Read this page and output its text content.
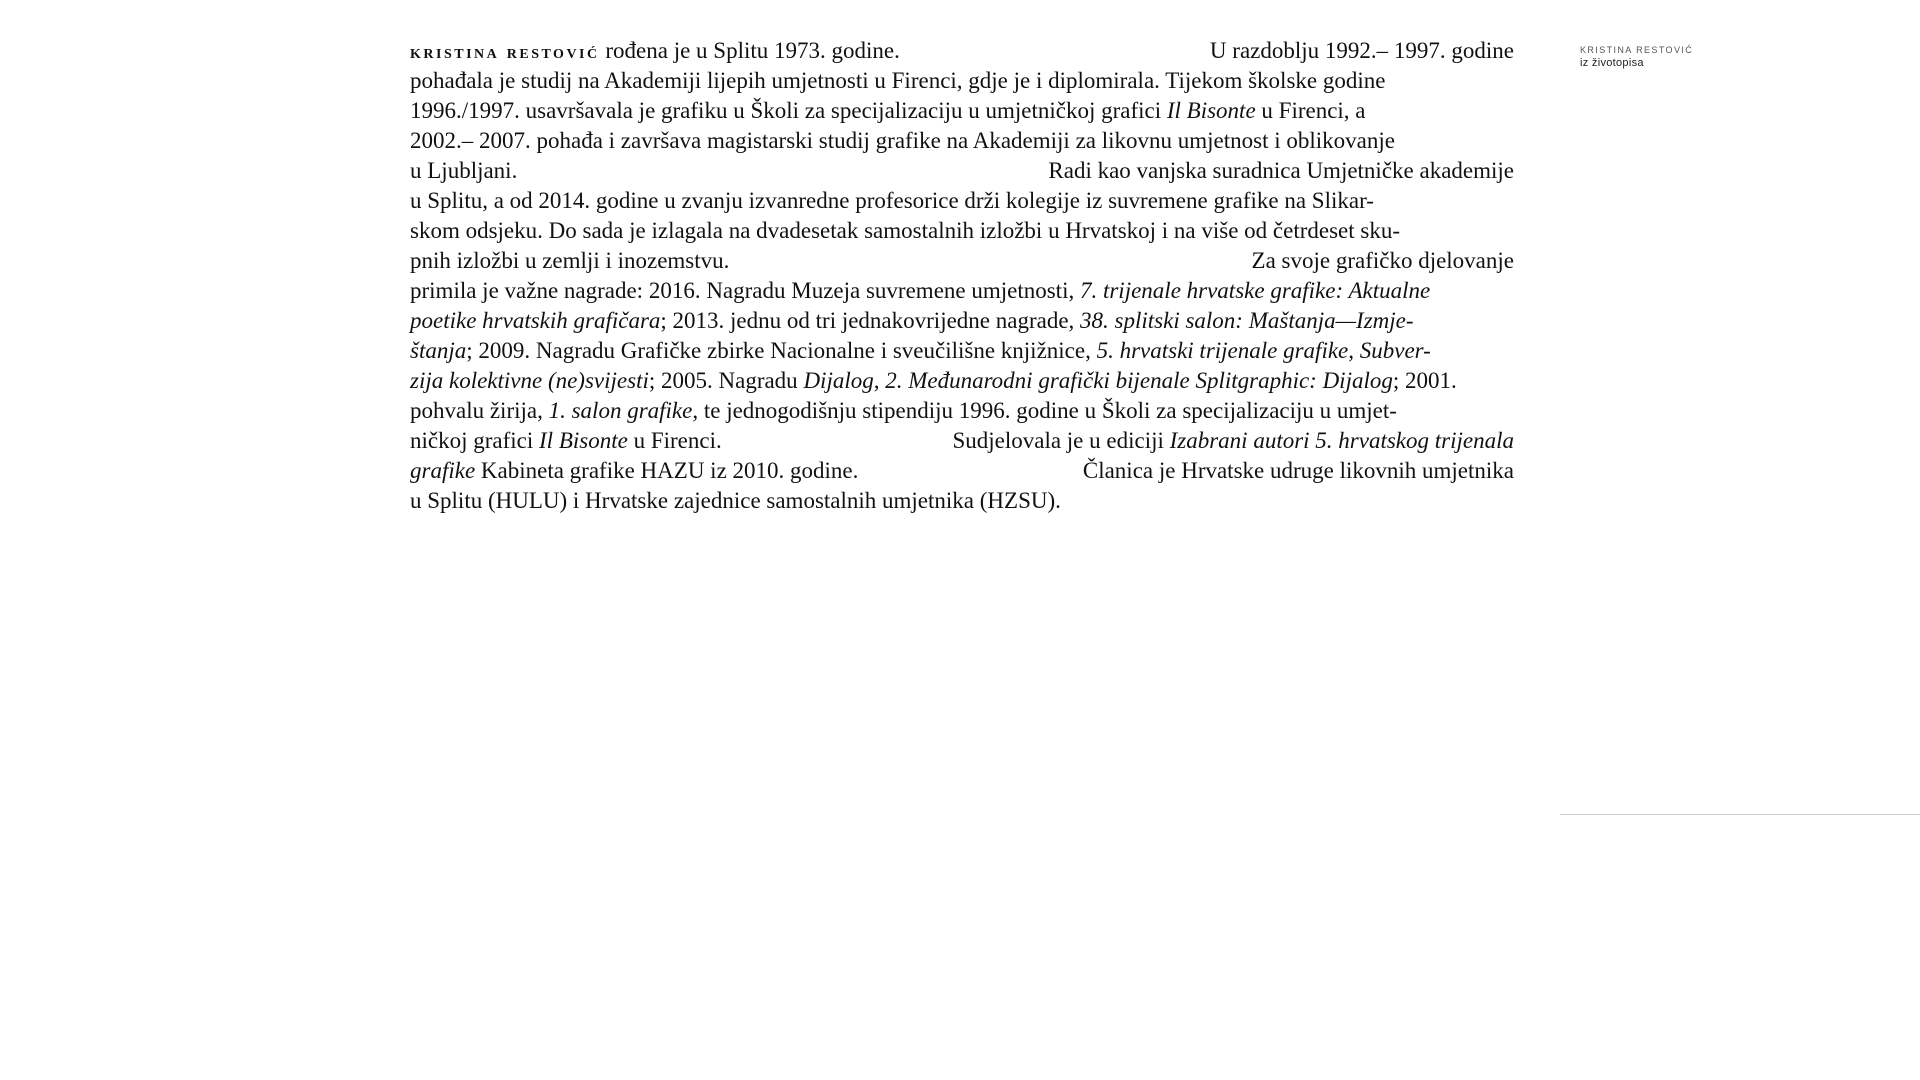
kristina restović rođena je u Splitu 1973. godine.	U razdoblju 1992.– 1997. godine
pohađala je studij na Akademiji lijepih umjetnosti u Firenci, gdje je i diplomirala. Tijekom školske godine
1996./1997. usavršavala je grafiku u Školi za specijalizaciju u umjetničkoj grafici Il Bisonte u Firenci, a
2002.– 2007. pohađa i završava magistarski studij grafike na Akademiji za likovnu umjetnost i oblikovanje
u Ljubljani.	Radi kao vanjska suradnica Umjetničke akademije
u Splitu, a od 2014. godine u zvanju izvanredne profesorice drži kolegije iz suvremene grafike na Slikar-
skom odsjeku. Do sada je izlagala na dvadesetak samostalnih izložbi u Hrvatskoj i na više od četrdeset sku-
pnih izložbi u zemlji i inozemstvu.	Za svoje grafičko djelovanje
primila je važne nagrade: 2016. Nagradu Muzeja suvremene umjetnosti, 7. trijenale hrvatske grafike: Aktualne
poetike hrvatskih grafičara; 2013. jednu od tri jednakovrijedne nagrade, 38. splitski salon: Maštanja—Izmje-
štanja; 2009. Nagradu Grafičke zbirke Nacionalne i sveučilišne knjižnice, 5. hrvatski trijenale grafike, Subver-
zija kolektivne (ne)svijesti; 2005. Nagradu Dijalog, 2. Međunarodni grafički bijenale Splitgraphic: Dijalog; 2001.
pohvalu žirija, 1. salon grafike, te jednogodišnju stipendiju 1996. godine u Školi za specijalizaciju u umjet-
ničkoj grafici Il Bisonte u Firenci.	Sudjelovala je u ediciji Izabrani autori 5. hrvatskog trijenala
grafike Kabineta grafike HAZU iz 2010. godine.	Članica je Hrvatske udruge likovnih umjetnika
u Splitu (HULU) i Hrvatske zajednice samostalnih umjetnika (HZSU).
KRISTINA RESTOVIĆ
iz životopisa
